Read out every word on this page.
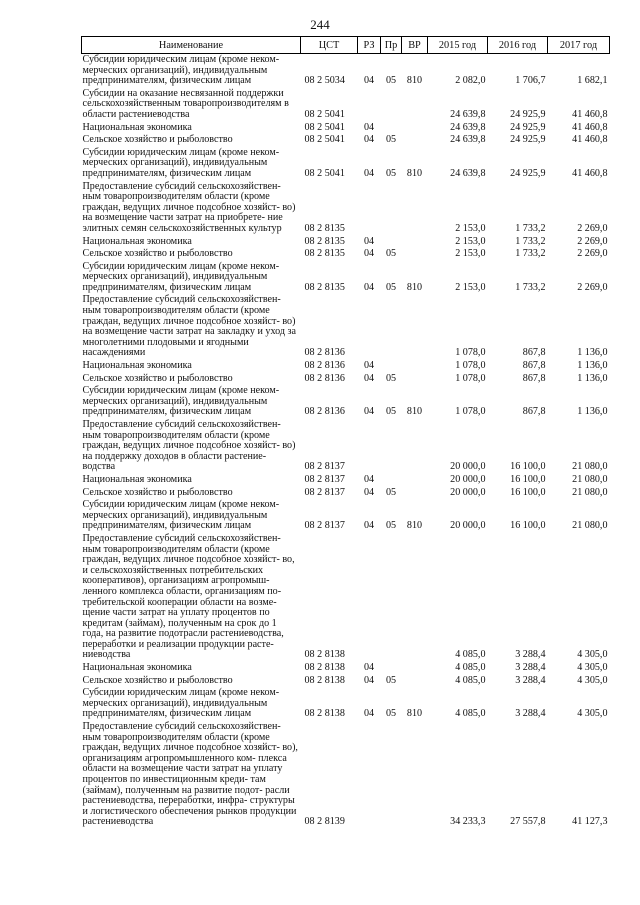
244
Наименование	ЦСТ	РЗ	Пр	ВР	2015 год	2016 год	2017 год
Субсидии юридическим лицам (кроме неком- мерческих организаций), индивидуальным предпринимателям, физическим лицам	08 2 5034	04	05	810	2 082,0	1 706,7	1 682,1
Субсидии на оказание несвязанной поддержки сельскохозяйственным товаропроизводителям в области растениеводства	08 2 5041				24 639,8	24 925,9	41 460,8
Национальная экономика	08 2 5041	04			24 639,8	24 925,9	41 460,8
Сельское хозяйство и рыболовство	08 2 5041	04	05		24 639,8	24 925,9	41 460,8
Субсидии юридическим лицам (кроме неком- мерческих организаций), индивидуальным предпринимателям, физическим лицам	08 2 5041	04	05	810	24 639,8	24 925,9	41 460,8
Предоставление субсидий сельскохозяйствен- ным товаропроизводителям области (кроме граждан, ведущих личное подсобное хозяйст- во) на возмещение части затрат на приобрете- ние элитных семян сельскохозяйственных культур	08 2 8135				2 153,0	1 733,2	2 269,0
Национальная экономика	08 2 8135	04			2 153,0	1 733,2	2 269,0
Сельское хозяйство и рыболовство	08 2 8135	04	05		2 153,0	1 733,2	2 269,0
Субсидии юридическим лицам (кроме неком- мерческих организаций), индивидуальным предпринимателям, физическим лицам	08 2 8135	04	05	810	2 153,0	1 733,2	2 269,0
Предоставление субсидий сельскохозяйствен- ным товаропроизводителям области (кроме граждан, ведущих личное подсобное хозяйст- во) на возмещение части затрат на закладку и уход за многолетними плодовыми и ягодными насаждениями	08 2 8136				1 078,0	867,8	1 136,0
Национальная экономика	08 2 8136	04			1 078,0	867,8	1 136,0
Сельское хозяйство и рыболовство	08 2 8136	04	05		1 078,0	867,8	1 136,0
Субсидии юридическим лицам (кроме неком- мерческих организаций), индивидуальным предпринимателям, физическим лицам	08 2 8136	04	05	810	1 078,0	867,8	1 136,0
Предоставление субсидий сельскохозяйствен- ным товаропроизводителям области (кроме граждан, ведущих личное подсобное хозяйст- во) на поддержку доходов в области растение- водства	08 2 8137				20 000,0	16 100,0	21 080,0
Национальная экономика	08 2 8137	04			20 000,0	16 100,0	21 080,0
Сельское хозяйство и рыболовство	08 2 8137	04	05		20 000,0	16 100,0	21 080,0
Субсидии юридическим лицам (кроме неком- мерческих организаций), индивидуальным предпринимателям, физическим лицам	08 2 8137	04	05	810	20 000,0	16 100,0	21 080,0
Предоставление субсидий сельскохозяйствен- ным товаропроизводителям области (кроме граждан, ведущих личное подсобное хозяйст- во, и сельскохозяйственных потребительских кооперативов), организациям агропромыш- ленного комплекса области, организациям по- требительской кооперации области на возме- щение части затрат на уплату процентов по кредитам (займам), полученным на срок до 1 года, на развитие подотрасли растениеводства, переработки и реализации продукции расте- ниеводства	08 2 8138				4 085,0	3 288,4	4 305,0
Национальная экономика	08 2 8138	04			4 085,0	3 288,4	4 305,0
Сельское хозяйство и рыболовство	08 2 8138	04	05		4 085,0	3 288,4	4 305,0
Субсидии юридическим лицам (кроме неком- мерческих организаций), индивидуальным предпринимателям, физическим лицам	08 2 8138	04	05	810	4 085,0	3 288,4	4 305,0
Предоставление субсидий сельскохозяйствен- ным товаропроизводителям области (кроме граждан, ведущих личное подсобное хозяйст- во), организациям агропромышленного ком- плекса области на возмещение части затрат на уплату процентов по инвестиционным креди- там (займам), полученным на развитие подот- расли растениеводства, переработки, инфра- структуры и логистического обеспечения рынков продукции растениеводства	08 2 8139				34 233,3	27 557,8	41 127,3
